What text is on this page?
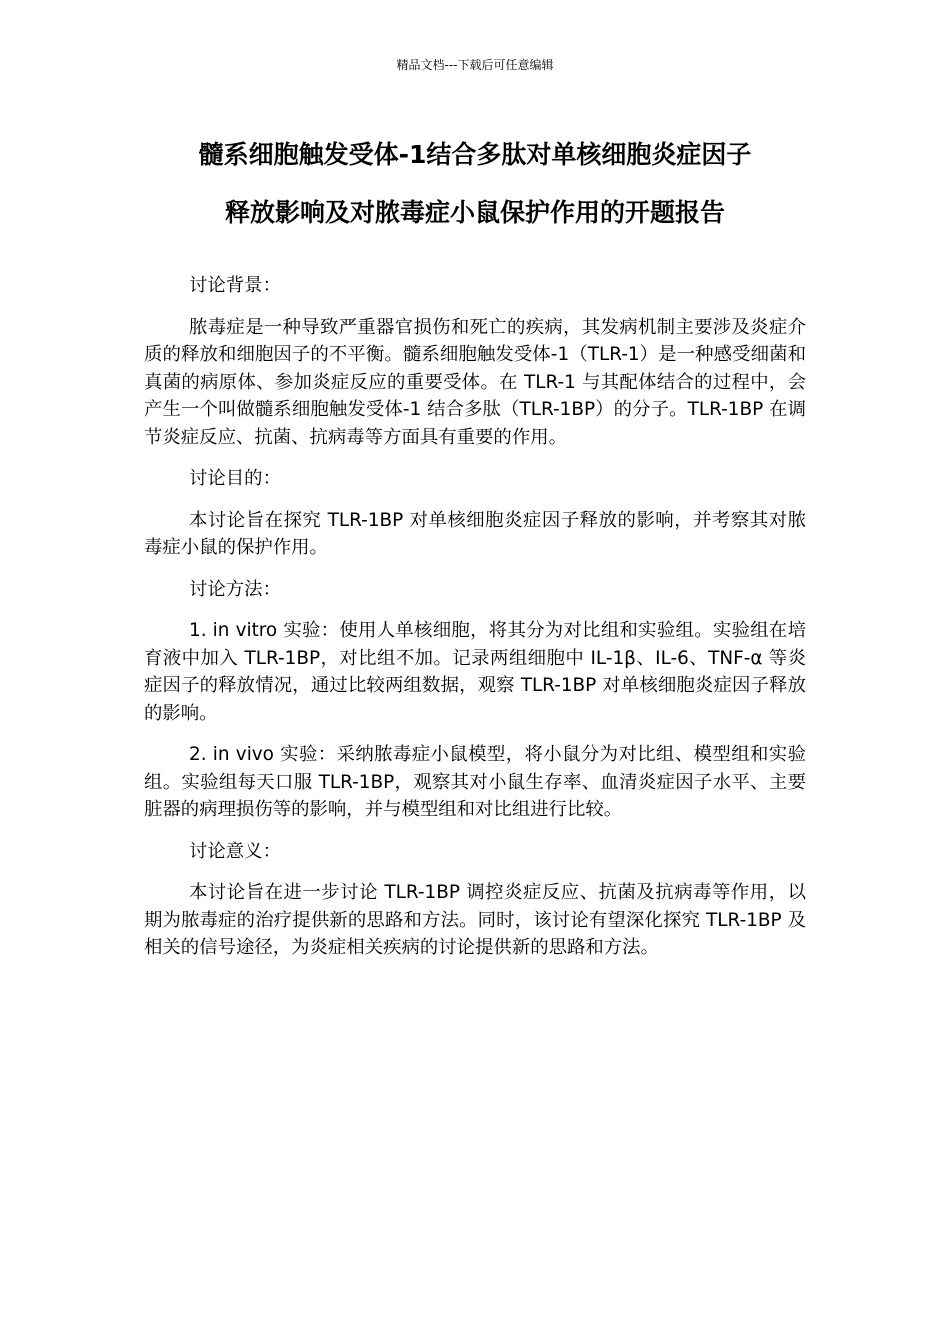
精品文档---下载后可任意编辑
髓系细胞触发受体-1结合多肽对单核细胞炎症因子
释放影响及对脓毒症小鼠保护作用的开题报告
讨论背景：
脓毒症是一种导致严重器官损伤和死亡的疾病，其发病机制主要涉及炎症介质的释放和细胞因子的不平衡。髓系细胞触发受体-1（TLR-1）是一种感受细菌和真菌的病原体、参加炎症反应的重要受体。在 TLR-1 与其配体结合的过程中，会产生一个叫做髓系细胞触发受体-1 结合多肽（TLR-1BP）的分子。TLR-1BP 在调节炎症反应、抗菌、抗病毒等方面具有重要的作用。
讨论目的：
本讨论旨在探究 TLR-1BP 对单核细胞炎症因子释放的影响，并考察其对脓毒症小鼠的保护作用。
讨论方法：
1. in vitro 实验：使用人单核细胞，将其分为对比组和实验组。实验组在培育液中加入 TLR-1BP，对比组不加。记录两组细胞中 IL-1β、IL-6、TNF-α 等炎症因子的释放情况，通过比较两组数据，观察 TLR-1BP 对单核细胞炎症因子释放的影响。
2. in vivo 实验：采纳脓毒症小鼠模型，将小鼠分为对比组、模型组和实验组。实验组每天口服 TLR-1BP，观察其对小鼠生存率、血清炎症因子水平、主要脏器的病理损伤等的影响，并与模型组和对比组进行比较。
讨论意义：
本讨论旨在进一步讨论 TLR-1BP 调控炎症反应、抗菌及抗病毒等作用，以期为脓毒症的治疗提供新的思路和方法。同时，该讨论有望深化探究 TLR-1BP 及相关的信号途径，为炎症相关疾病的讨论提供新的思路和方法。
